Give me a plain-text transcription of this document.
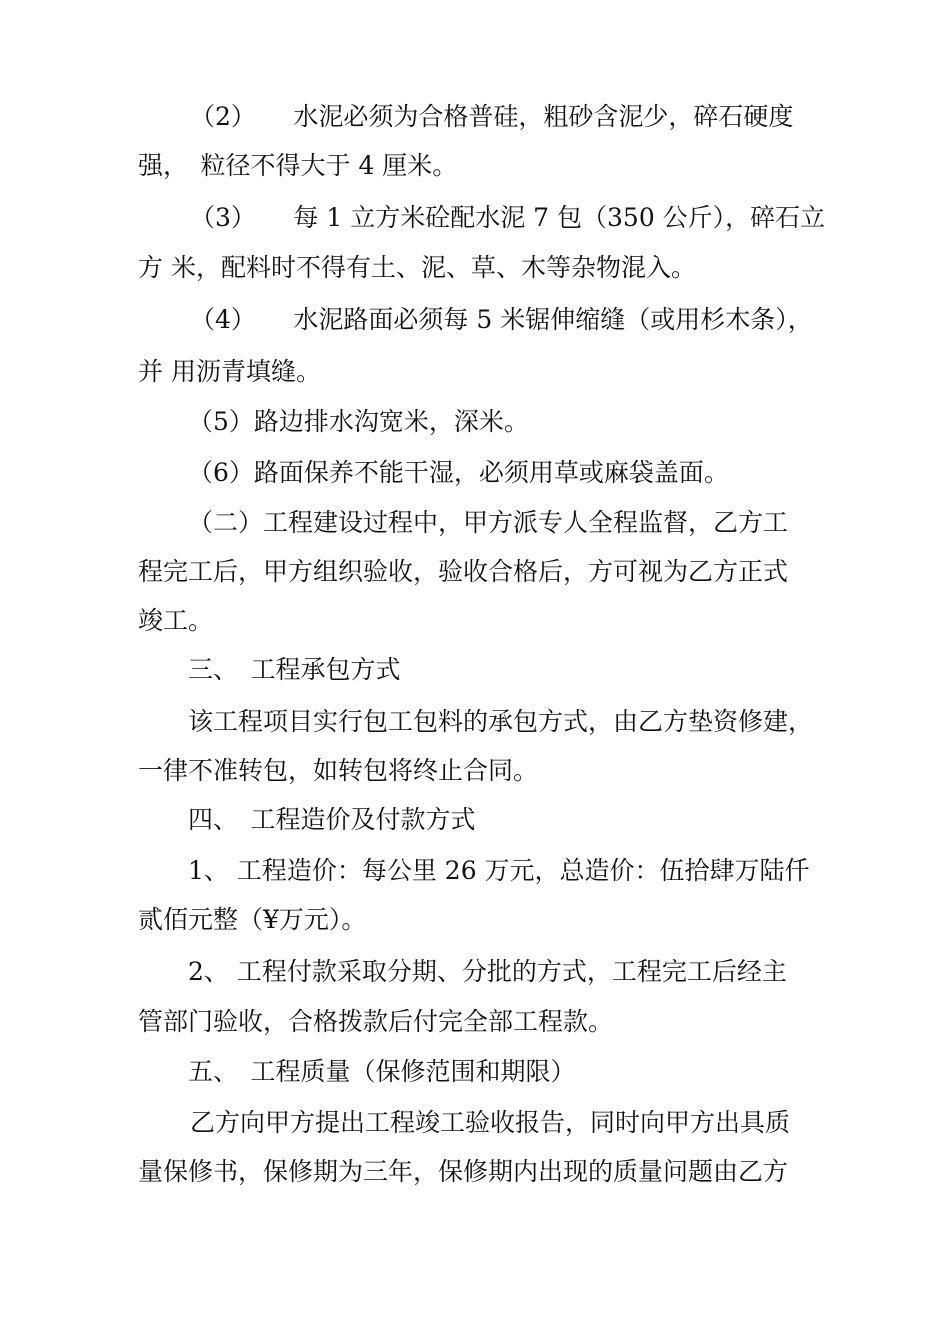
（2）　　水泥必须为合格普硅，粗砂含泥少，碎石硬度
强，　粒径不得大于 4 厘米。
（3）　　每 1 立方米砼配水泥 7 包（350 公斤），碎石立
方 米，配料时不得有土、泥、草、木等杂物混入。
（4）　　水泥路面必须每 5 米锯伸缩缝（或用杉木条），
并 用沥青填缝。
（5）路边排水沟宽米，深米。
（6）路面保养不能干湿，必须用草或麻袋盖面。
（二）工程建设过程中，甲方派专人全程监督，乙方工
程完工后，甲方组织验收，验收合格后，方可视为乙方正式
竣工。
三、　工程承包方式
该工程项目实行包工包料的承包方式，由乙方垫资修建，
一律不准转包，如转包将终止合同。
四、　工程造价及付款方式
1、 工程造价：每公里 26 万元，总造价：伍拾肆万陆仟
贰佰元整（¥万元）。
2、 工程付款采取分期、分批的方式，工程完工后经主
管部门验收，合格拨款后付完全部工程款。
五、　工程质量（保修范围和期限）
乙方向甲方提出工程竣工验收报告，同时向甲方出具质
量保修书，保修期为三年，保修期内出现的质量问题由乙方
